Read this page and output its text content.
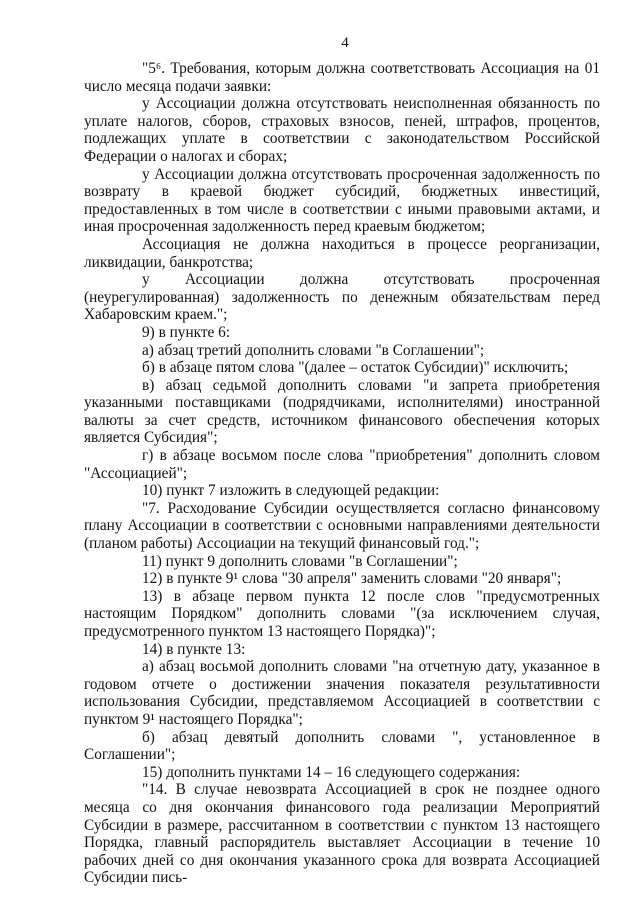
4

"5⁶. Требования, которым должна соответствовать Ассоциация на 01 число месяца подачи заявки:

у Ассоциации должна отсутствовать неисполненная обязанность по уплате налогов, сборов, страховых взносов, пеней, штрафов, процентов, подлежащих уплате в соответствии с законодательством Российской Федерации о налогах и сборах;

у Ассоциации должна отсутствовать просроченная задолженность по возврату в краевой бюджет субсидий, бюджетных инвестиций, предоставленных в том числе в соответствии с иными правовыми актами, и иная просроченная задолженность перед краевым бюджетом;

Ассоциация не должна находиться в процессе реорганизации, ликвидации, банкротства;

у Ассоциации должна отсутствовать просроченная (неурегулированная) задолженность по денежным обязательствам перед Хабаровским краем.";

9) в пункте 6:

а) абзац третий дополнить словами "в Соглашении";

б) в абзаце пятом слова "(далее – остаток Субсидии)" исключить;

в) абзац седьмой дополнить словами "и запрета приобретения указанными поставщиками (подрядчиками, исполнителями) иностранной валюты за счет средств, источником финансового обеспечения которых является Субсидия";

г) в абзаце восьмом после слова "приобретения" дополнить словом "Ассоциацией";

10) пункт 7 изложить в следующей редакции:

"7. Расходование Субсидии осуществляется согласно финансовому плану Ассоциации в соответствии с основными направлениями деятельности (планом работы) Ассоциации на текущий финансовый год.";

11) пункт 9 дополнить словами "в Соглашении";

12) в пункте 9¹ слова "30 апреля" заменить словами "20 января";

13) в абзаце первом пункта 12 после слов "предусмотренных настоящим Порядком" дополнить словами "(за исключением случая, предусмотренного пунктом 13 настоящего Порядка)";

14) в пункте 13:

а) абзац восьмой дополнить словами "на отчетную дату, указанное в годовом отчете о достижении значения показателя результативности использования Субсидии, представляемом Ассоциацией в соответствии с пунктом 9¹ настоящего Порядка";

б) абзац девятый дополнить словами ", установленное в Соглашении";

15) дополнить пунктами 14 – 16 следующего содержания:

"14. В случае невозврата Ассоциацией в срок не позднее одного месяца со дня окончания финансового года реализации Мероприятий Субсидии в размере, рассчитанном в соответствии с пунктом 13 настоящего Порядка, главный распорядитель выставляет Ассоциации в течение 10 рабочих дней со дня окончания указанного срока для возврата Ассоциацией Субсидии пись-
